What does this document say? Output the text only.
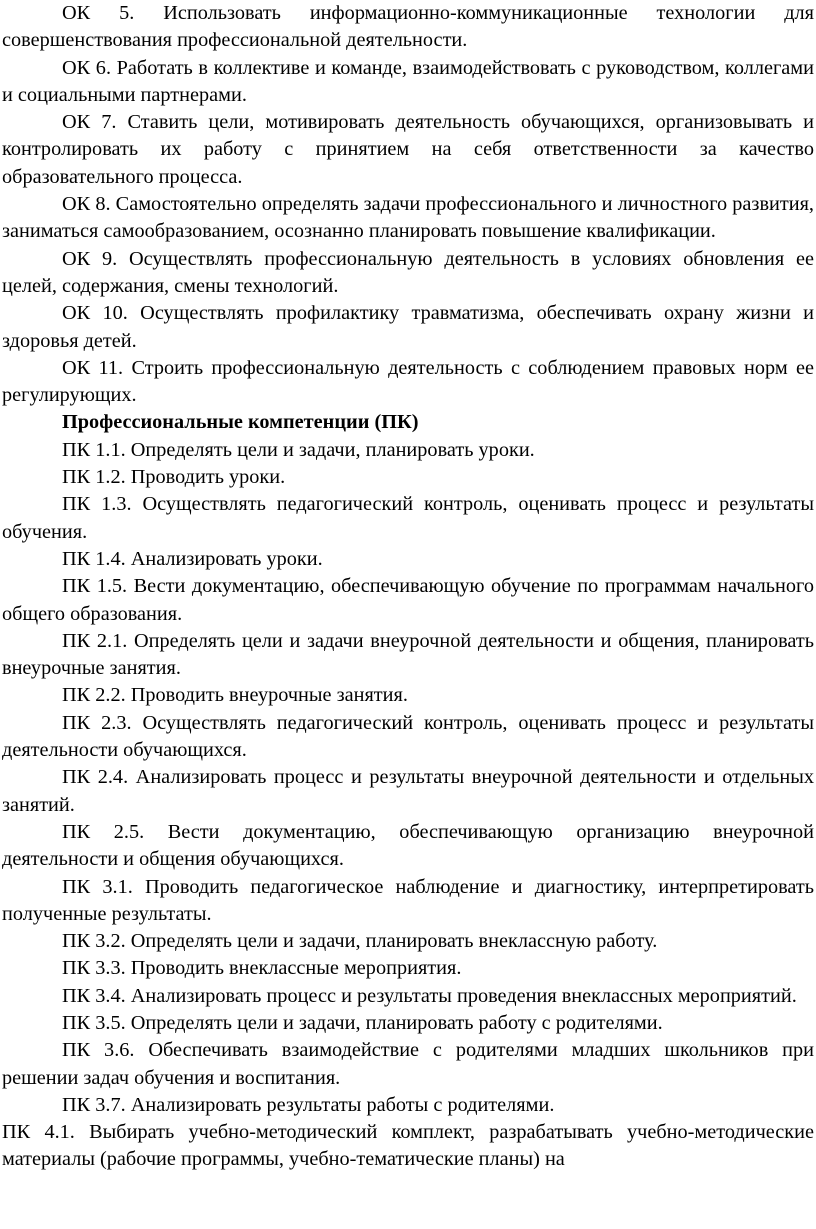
ОК 5. Использовать информационно-коммуникационные технологии для совершенствования профессиональной деятельности.

ОК 6. Работать в коллективе и команде, взаимодействовать с руководством, коллегами и социальными партнерами.

ОК 7. Ставить цели, мотивировать деятельность обучающихся, организовывать и контролировать их работу с принятием на себя ответственности за качество образовательного процесса.

ОК 8. Самостоятельно определять задачи профессионального и личностного развития, заниматься самообразованием, осознанно планировать повышение квалификации.

ОК 9. Осуществлять профессиональную деятельность в условиях обновления ее целей, содержания, смены технологий.

ОК 10. Осуществлять профилактику травматизма, обеспечивать охрану жизни и здоровья детей.

ОК 11. Строить профессиональную деятельность с соблюдением правовых норм ее регулирующих.

Профессиональные компетенции (ПК)

ПК 1.1. Определять цели и задачи, планировать уроки.

ПК 1.2. Проводить уроки.

ПК 1.3. Осуществлять педагогический контроль, оценивать процесс и результаты обучения.

ПК 1.4. Анализировать уроки.

ПК 1.5. Вести документацию, обеспечивающую обучение по программам начального общего образования.

ПК 2.1. Определять цели и задачи внеурочной деятельности и общения, планировать внеурочные занятия.

ПК 2.2. Проводить внеурочные занятия.

ПК 2.3. Осуществлять педагогический контроль, оценивать процесс и результаты деятельности обучающихся.

ПК 2.4. Анализировать процесс и результаты внеурочной деятельности и отдельных занятий.

ПК 2.5. Вести документацию, обеспечивающую организацию внеурочной деятельности и общения обучающихся.

ПК 3.1. Проводить педагогическое наблюдение и диагностику, интерпретировать полученные результаты.

ПК 3.2. Определять цели и задачи, планировать внеклассную работу.

ПК 3.3. Проводить внеклассные мероприятия.

ПК 3.4. Анализировать процесс и результаты проведения внеклассных мероприятий.

ПК 3.5. Определять цели и задачи, планировать работу с родителями.

ПК 3.6. Обеспечивать взаимодействие с родителями младших школьников при решении задач обучения и воспитания.

ПК 3.7. Анализировать результаты работы с родителями.

ПК 4.1. Выбирать учебно-методический комплект, разрабатывать учебно-методические материалы (рабочие программы, учебно-тематические планы) на
